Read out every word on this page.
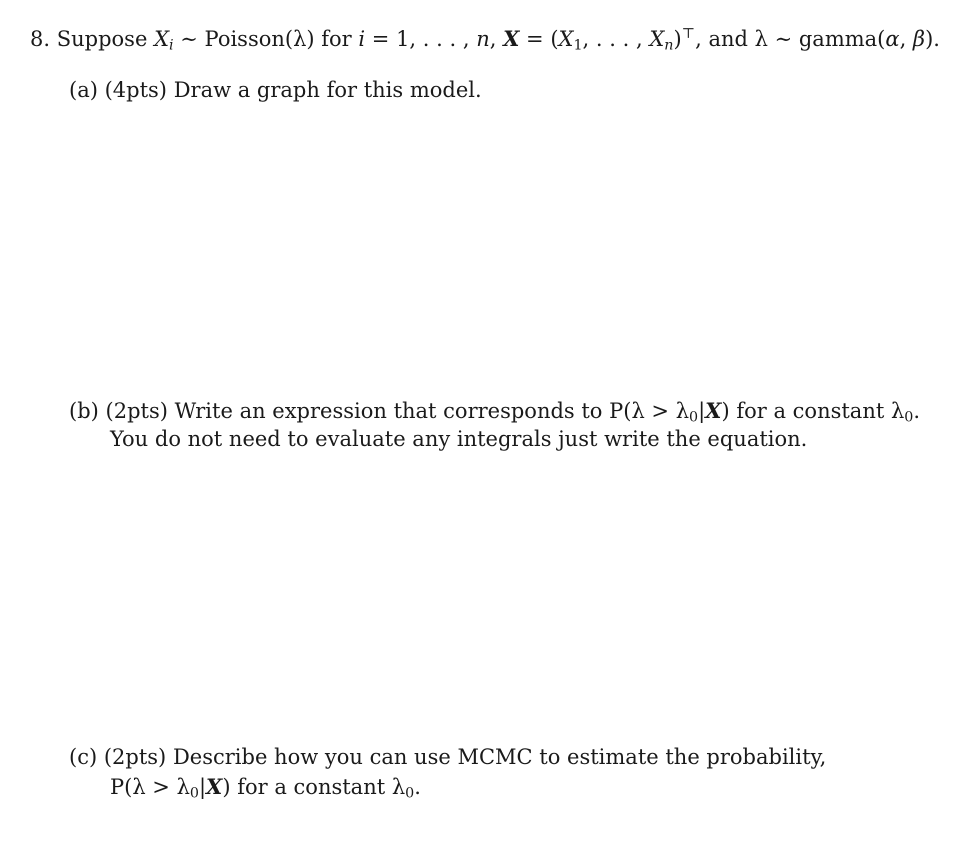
8. Suppose $X_i$ ∼ Poisson(λ) for i = 1, . . . , n, $X = (X_1$, . . . , $X_n)^⊤$, and λ ∼ gamma(α, β).
(a) (4pts) Draw a graph for this model.
(b) (2pts) Write an expression that corresponds to $P(\lambda > \lambda_0|X)$ for a constant $\lambda_0$.
You do not need to evaluate any integrals just write the equation.
(c) (2pts) Describe how you can use MCMC to estimate the probability,
$P(\lambda > \lambda_0|X)$ for a constant $\lambda_0$.
